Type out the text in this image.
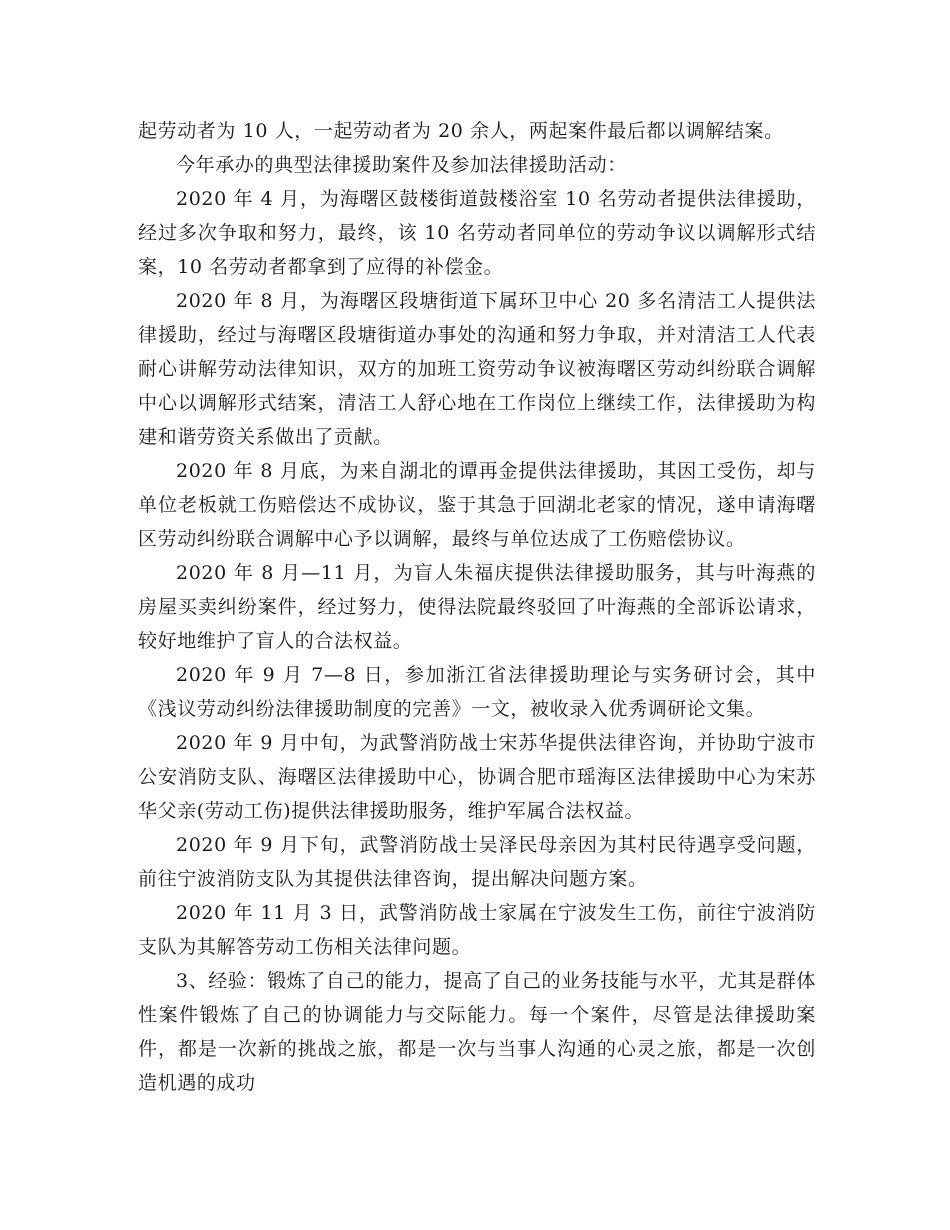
起劳动者为 10 人，一起劳动者为 20 余人，两起案件最后都以调解结案。

今年承办的典型法律援助案件及参加法律援助活动：

2020 年 4 月，为海曙区鼓楼街道鼓楼浴室 10 名劳动者提供法律援助，经过多次争取和努力，最终，该 10 名劳动者同单位的劳动争议以调解形式结案，10 名劳动者都拿到了应得的补偿金。

2020 年 8 月，为海曙区段塘街道下属环卫中心 20 多名清洁工人提供法律援助，经过与海曙区段塘街道办事处的沟通和努力争取，并对清洁工人代表耐心讲解劳动法律知识，双方的加班工资劳动争议被海曙区劳动纠纷联合调解中心以调解形式结案，清洁工人舒心地在工作岗位上继续工作，法律援助为构建和谐劳资关系做出了贡献。

2020 年 8 月底，为来自湖北的谭再金提供法律援助，其因工受伤，却与单位老板就工伤赔偿达不成协议，鉴于其急于回湖北老家的情况，遂申请海曙区劳动纠纷联合调解中心予以调解，最终与单位达成了工伤赔偿协议。

2020 年 8 月—11 月，为盲人朱福庆提供法律援助服务，其与叶海燕的房屋买卖纠纷案件，经过努力，使得法院最终驳回了叶海燕的全部诉讼请求，较好地维护了盲人的合法权益。

2020 年 9 月 7—8 日，参加浙江省法律援助理论与实务研讨会，其中《浅议劳动纠纷法律援助制度的完善》一文，被收录入优秀调研论文集。

2020 年 9 月中旬，为武警消防战士宋苏华提供法律咨询，并协助宁波市公安消防支队、海曙区法律援助中心，协调合肥市瑶海区法律援助中心为宋苏华父亲(劳动工伤)提供法律援助服务，维护军属合法权益。

2020 年 9 月下旬，武警消防战士吴泽民母亲因为其村民待遇享受问题，前往宁波消防支队为其提供法律咨询，提出解决问题方案。

2020 年 11 月 3 日，武警消防战士家属在宁波发生工伤，前往宁波消防支队为其解答劳动工伤相关法律问题。

3、经验：锻炼了自己的能力，提高了自己的业务技能与水平，尤其是群体性案件锻炼了自己的协调能力与交际能力。每一个案件，尽管是法律援助案件，都是一次新的挑战之旅，都是一次与当事人沟通的心灵之旅，都是一次创造机遇的成功
